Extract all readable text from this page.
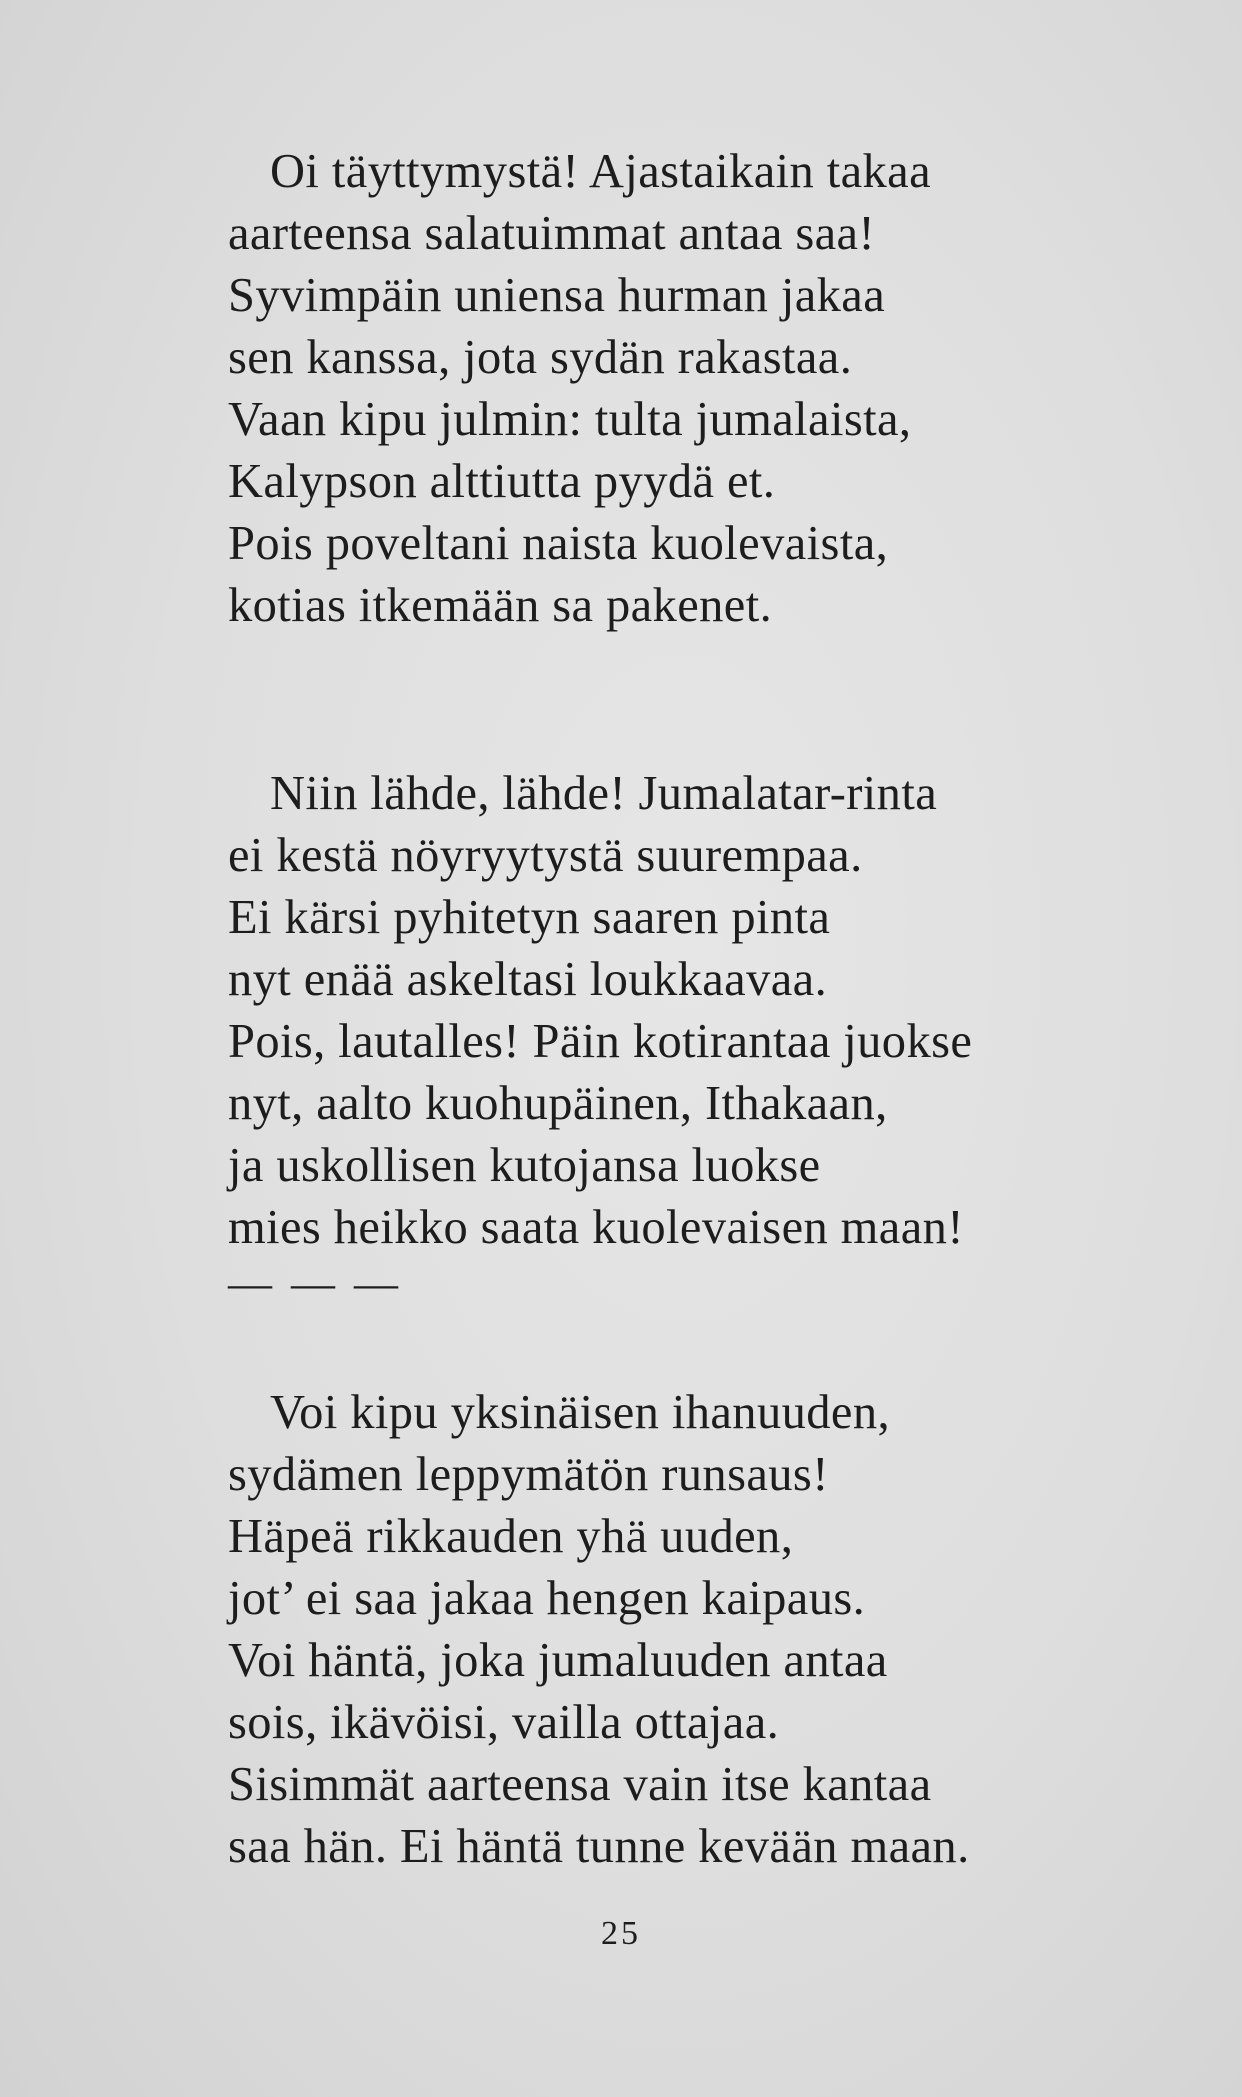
Oi täyttymystä! Ajastaikain takaa
aarteensa salatuimmat antaa saa!
Syvimpäin uniensa hurman jakaa
sen kanssa, jota sydän rakastaa.
Vaan kipu julmin: tulta jumalaista,
Kalypson alttiutta pyydä et.
Pois poveltani naista kuolevaista,
kotias itkemään sa pakenet.
Niin lähde, lähde! Jumalatar-rinta
ei kestä nöyryytystä suurempaa.
Ei kärsi pyhitetyn saaren pinta
nyt enää askeltasi loukkaavaa.
Pois, lautalles! Päin kotirantaa juokse
nyt, aalto kuohupäinen, Ithakaan,
ja uskollisen kutojansa luokse
mies heikko saata kuolevaisen maan!
— — —
Voi kipu yksinäisen ihanuuden,
sydämen leppymätön runsaus!
Häpeä rikkauden yhä uuden,
jot’ ei saa jakaa hengen kaipaus.
Voi häntä, joka jumaluuden antaa
sois, ikävöisi, vailla ottajaa.
Sisimmät aarteensa vain itse kantaa
saa hän. Ei häntä tunne kevään maan.
25
